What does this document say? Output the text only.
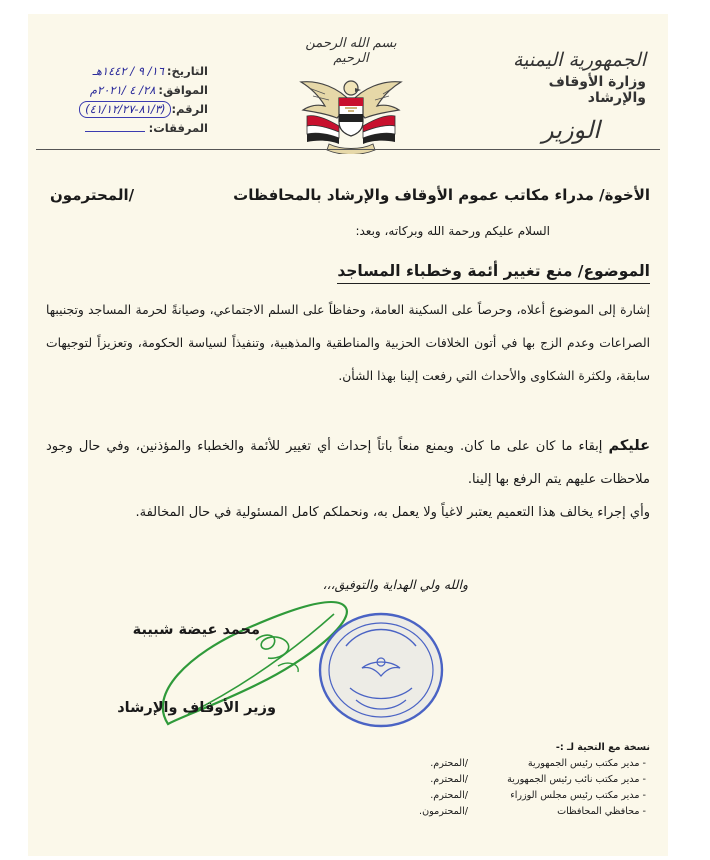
الجمهورية اليمنية
وزارة الأوقاف والإرشاد
الوزير
بسم الله الرحمن الرحيم
التاريخ:١٦/ ٩ / ١٤٤٢هـ
الموافق:٢٨/ ٤ /٢٠٢١م
الرقم:(٨١/٣-٤١/١٢/٢٧)
المرفقات:
الأخوة/ مدراء مكاتب عموم الأوقاف والإرشاد بالمحافظات
/المحترمون
السلام عليكم ورحمة الله وبركاته، وبعد:
الموضوع/ منع تغيير أئمة وخطباء المساجد
إشارة إلى الموضوع أعلاه، وحرصاً على السكينة العامة، وحفاظاً على السلم الاجتماعي، وصيانةً لحرمة المساجد وتجنيبها الصراعات وعدم الزج بها في أتون الخلافات الحزبية والمناطقية والمذهبية، وتنفيذاً لسياسة الحكومة، وتعزيزاً لتوجيهات سابقة، ولكثرة الشكاوى والأحداث التي رفعت إلينا بهذا الشأن.
عليكم إبقاء ما كان على ما كان. ويمنع منعاً باتاً إحداث أي تغيير للأئمة والخطباء والمؤذنين، وفي حال وجود ملاحظات عليهم يتم الرفع بها إلينا.
وأي إجراء يخالف هذا التعميم يعتبر لاغياً ولا يعمل به، ونحملكم كامل المسئولية في حال المخالفة.
والله ولي الهداية والتوفيق،،،
محمد عيضة شبيبة
وزير الأوقاف والإرشاد
نسخة مع التحية لـ :-
- مدير مكتب رئيس الجمهورية
/المحترم.
- مدير مكتب نائب رئيس الجمهورية
/المحترم.
- مدير مكتب رئيس مجلس الوزراء
/المحترم.
- محافظي المحافظات
/المحترمون.
